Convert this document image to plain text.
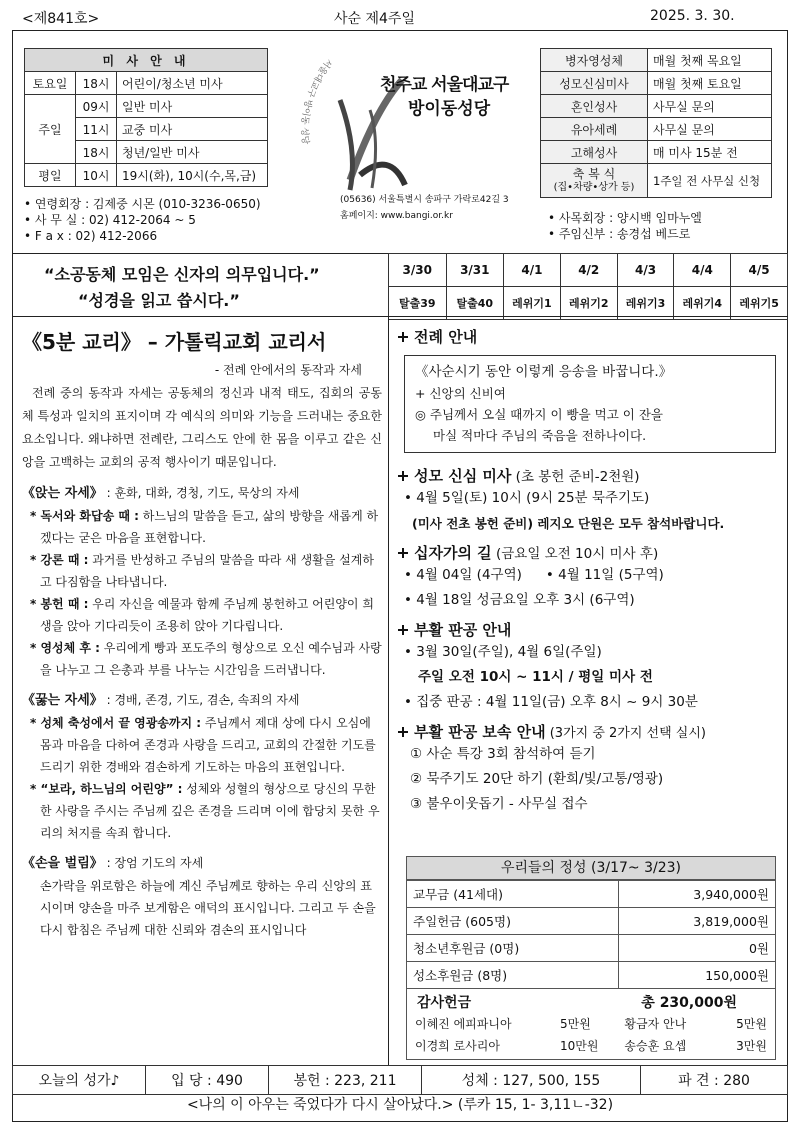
<제841호>	사순 제4주일	2025. 3. 30.
미 사 안 내		
토요일	18시	어린이/청소년 미사
주일	09시	일반 미사
	11시	교중 미사
	18시	청년/일반 미사
평일	10시	19시(화), 10시(수,목,금)
• 연령회장 : 김제중 시몬 (010-3236-0650)
• 사 무 실 : 02) 412-2064 ~ 5
• F a x : 02) 412-2066
서울대교구 방이동 성당
천주교 서울대교구
방이동성당
(05636) 서울특별시 송파구 가락로42길 3
홈페이지: www.bangi.or.kr
병자영성체	매월 첫째 목요일
성모신심미사	매월 첫째 토요일
혼인성사	사무실 문의
유아세례	사무실 문의
고해성사	매 미사 15분 전

축 복 식
(집•차량•상가 등)	1주일 전 사무실 신청
• 사목회장 : 양시백 임마누엘
• 주임신부 : 송경섭 베드로
“소공동체 모임은 신자의 의무입니다.”
“성경을 읽고 씁시다.”
3/30	3/31	4/1	4/2	4/3	4/4	4/5
탈출39	탈출40	레위기1	레위기2	레위기3	레위기4	레위기5
《5분 교리》 – 가톨릭교회 교리서
- 전례 안에서의 동작과 자세
전례 중의 동작과 자세는 공동체의 정신과 내적 태도, 집회의 공동체 특성과 일치의 표지이며 각 예식의 의미와 기능을 드러내는 중요한 요소입니다. 왜냐하면 전례란, 그리스도 안에 한 몸을 이루고 같은 신앙을 고백하는 교회의 공적 행사이기 때문입니다.
《앉는 자세》 : 훈화, 대화, 경청, 기도, 묵상의 자세
* 독서와 화답송 때 : 하느님의 말씀을 듣고, 삶의 방향을 새롭게 하겠다는 굳은 마음을 표현합니다.
* 강론 때 : 과거를 반성하고 주님의 말씀을 따라 새 생활을 설계하고 다짐함을 나타냅니다.
* 봉헌 때 : 우리 자신을 예물과 함께 주님께 봉헌하고 어린양이 희생을 앉아 기다리듯이 조용히 앉아 기다립니다.
* 영성체 후 : 우리에게 빵과 포도주의 형상으로 오신 예수님과 사랑을 나누고 그 은총과 부를 나누는 시간임을 드러냅니다.
《꿇는 자세》 : 경배, 존경, 기도, 겸손, 속죄의 자세
* 성체 축성에서 끝 영광송까지 : 주님께서 제대 상에 다시 오심에 몸과 마음을 다하여 존경과 사랑을 드리고, 교회의 간절한 기도를 드리기 위한 경배와 겸손하게 기도하는 마음의 표현입니다.
* “보라, 하느님의 어린양” : 성체와 성혈의 형상으로 당신의 무한한 사랑을 주시는 주님께 깊은 존경을 드리며 이에 합당치 못한 우리의 처지를 속죄 합니다.
《손을 벌림》 : 장엄 기도의 자세
손가락을 위로함은 하늘에 계신 주님께로 향하는 우리 신앙의 표시이며 양손을 마주 보게함은 애덕의 표시입니다. 그리고 두 손을 다시 합침은 주님께 대한 신뢰와 겸손의 표시입니다
전례 안내
《사순시기 동안 이렇게 응송을 바꿉니다.》
+ 신앙의 신비여
◎ 주님께서 오실 때까지 이 빵을 먹고 이 잔을
마실 적마다 주님의 죽음을 전하나이다.
성모 신심 미사 (초 봉헌 준비-2천원)
• 4월 5일(토) 10시 (9시 25분 묵주기도)
(미사 전초 봉헌 준비) 레지오 단원은 모두 참석바랍니다.
십자가의 길 (금요일 오전 10시 미사 후)
• 4월 04일 (4구역) • 4월 11일 (5구역)
• 4월 18일 성금요일 오후 3시 (6구역)
부활 판공 안내
• 3월 30일(주일), 4월 6일(주일)
주일 오전 10시 ~ 11시 / 평일 미사 전
• 집중 판공 : 4월 11일(금) 오후 8시 ~ 9시 30분
부활 판공 보속 안내 (3가지 중 2가지 선택 실시)
① 사순 특강 3회 참석하여 듣기
② 묵주기도 20단 하기 (환희/빛/고통/영광)
③ 불우이웃돕기 - 사무실 접수
우리들의 정성 (3/17~ 3/23)
교무금 (41세대)	3,940,000원
주일헌금 (605명)	3,819,000원
청소년후원금 (0명)	0원
성소후원금 (8명)	150,000원
감사헌금	총 230,000원
이혜진 에피파니아	5만원	황금자 안나	5만원
이경희 로사리아	10만원	송승훈 요셉	3만원
오늘의 성가♪	입 당 : 490	봉헌 : 223, 211	성체 : 127, 500, 155	파 견 : 280
<나의 이 아우는 죽었다가 다시 살아났다.> (루카 15, 1- 3,11ㄴ-32)
